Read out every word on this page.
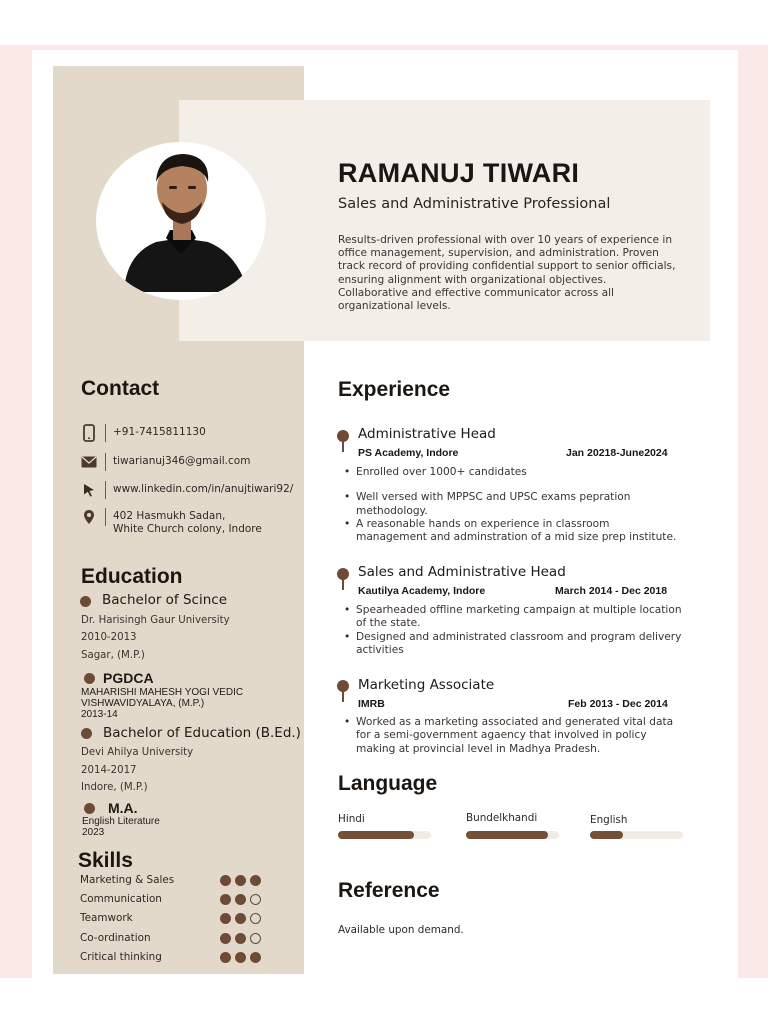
RAMANUJ TIWARI
Sales and Administrative Professional
Results-driven professional with over 10 years of experience in office management, supervision, and administration. Proven track record of providing confidential support to senior officials, ensuring alignment with organizational objectives. Collaborative and effective communicator across all organizational levels.
Contact
+91-7415811130
tiwarianuj346@gmail.com
www.linkedin.com/in/anujtiwari92/
402 Hasmukh Sadan,
White Church colony, Indore
Education
Bachelor of Scince
Dr. Harisingh Gaur University
2010-2013
Sagar, (M.P.)
PGDCA
MAHARISHI MAHESH YOGI VEDIC
VISHWAVIDYALAYA, (M.P.)
2013-14
Bachelor of Education (B.Ed.)
Devi Ahilya University
2014-2017
Indore, (M.P.)
M.A.
English Literature
2023
Skills
Marketing & Sales
Communication
Teamwork
Co-ordination
Critical thinking
Experience
Administrative Head
PS Academy, Indore	Jan 20218-June2024
• Enrolled over 1000+ candidates
• Well versed with MPPSC and UPSC exams pepration methodology.
• A reasonable hands on experience in classroom management and adminstration of a mid size prep institute.
Sales and Administrative Head
Kautilya Academy, Indore	March 2014 - Dec 2018
• Spearheaded offline marketing campaign at multiple location of the state.
• Designed and administrated classroom and program delivery activities
Marketing Associate
IMRB	Feb 2013 - Dec 2014
• Worked as a marketing associated and generated vital data for a semi-government agaency that involved in policy making at provincial level in Madhya Pradesh.
Language
Hindi	Bundelkhandi	English
Reference
Available upon demand.
